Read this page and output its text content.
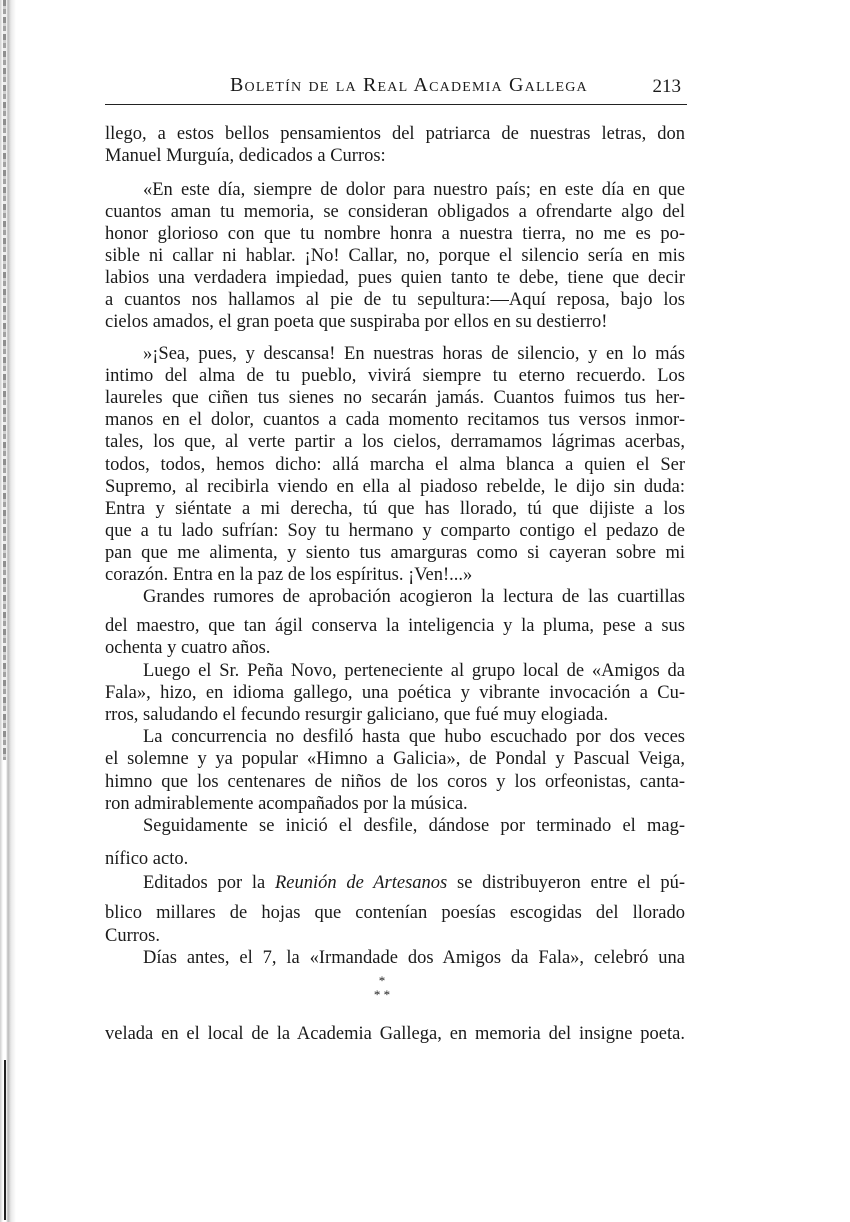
Boletín de la Real Academia Gallega	213
llego, a estos bellos pensamientos del patriarca de nuestras letras, don
Manuel Murguía, dedicados a Curros:
«En este día, siempre de dolor para nuestro país; en este día en que
cuantos aman tu memoria, se consideran obligados a ofrendarte algo del
honor glorioso con que tu nombre honra a nuestra tierra, no me es po-
sible ni callar ni hablar. ¡No! Callar, no, porque el silencio sería en mis
labios una verdadera impiedad, pues quien tanto te debe, tiene que decir
a cuantos nos hallamos al pie de tu sepultura:—Aquí reposa, bajo los
cielos amados, el gran poeta que suspiraba por ellos en su destierro!
»¡Sea, pues, y descansa! En nuestras horas de silencio, y en lo más
intimo del alma de tu pueblo, vivirá siempre tu eterno recuerdo. Los
laureles que ciñen tus sienes no secarán jamás. Cuantos fuimos tus her-
manos en el dolor, cuantos a cada momento recitamos tus versos inmor-
tales, los que, al verte partir a los cielos, derramamos lágrimas acerbas,
todos, todos, hemos dicho: allá marcha el alma blanca a quien el Ser
Supremo, al recibirla viendo en ella al piadoso rebelde, le dijo sin duda:
Entra y siéntate a mi derecha, tú que has llorado, tú que dijiste a los
que a tu lado sufrían: Soy tu hermano y comparto contigo el pedazo de
pan que me alimenta, y siento tus amarguras como si cayeran sobre mi
corazón. Entra en la paz de los espíritus. ¡Ven!...»
Grandes rumores de aprobación acogieron la lectura de las cuartillas
del maestro, que tan ágil conserva la inteligencia y la pluma, pese a sus
ochenta y cuatro años.
Luego el Sr. Peña Novo, perteneciente al grupo local de «Amigos da
Fala», hizo, en idioma gallego, una poética y vibrante invocación a Cu-
rros, saludando el fecundo resurgir galiciano, que fué muy elogiada.
La concurrencia no desfiló hasta que hubo escuchado por dos veces
el solemne y ya popular «Himno a Galicia», de Pondal y Pascual Veiga,
himno que los centenares de niños de los coros y los orfeonistas, canta-
ron admirablemente acompañados por la música.
Seguidamente se inició el desfile, dándose por terminado el mag-
nífico acto.
Editados por la Reunión de Artesanos se distribuyeron entre el pú-
blico millares de hojas que contenían poesías escogidas del llorado
Curros.
Días antes, el 7, la «Irmandade dos Amigos da Fala», celebró una
velada en el local de la Academia Gallega, en memoria del insigne poeta.
*
* *
